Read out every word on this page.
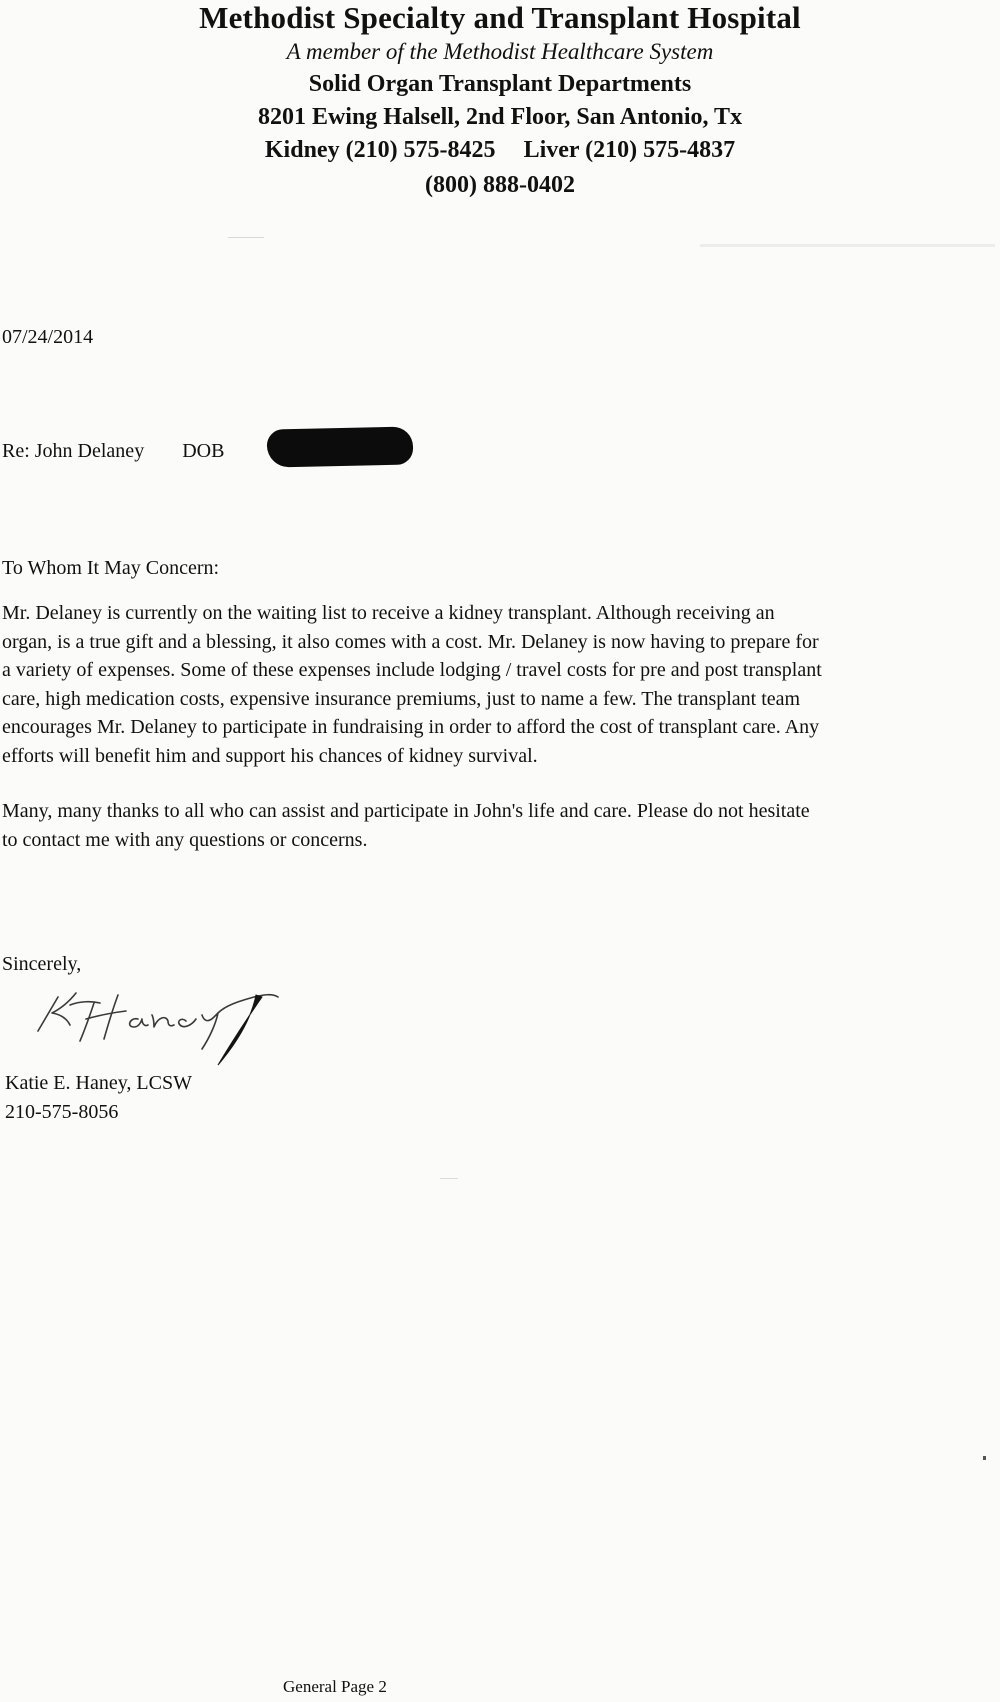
Methodist Specialty and Transplant Hospital
A member of the Methodist Healthcare System
Solid Organ Transplant Departments
8201 Ewing Halsell, 2nd Floor, San Antonio, Tx
Kidney (210) 575-8425 Liver (210) 575-4837
(800) 888-0402
07/24/2014
Re: John Delaney DOB
To Whom It May Concern:
Mr. Delaney is currently on the waiting list to receive a kidney transplant. Although receiving an
organ, is a true gift and a blessing, it also comes with a cost. Mr. Delaney is now having to prepare for
a variety of expenses. Some of these expenses include lodging / travel costs for pre and post transplant
care, high medication costs, expensive insurance premiums, just to name a few. The transplant team
encourages Mr. Delaney to participate in fundraising in order to afford the cost of transplant care. Any
efforts will benefit him and support his chances of kidney survival.
Many, many thanks to all who can assist and participate in John's life and care. Please do not hesitate
to contact me with any questions or concerns.
Sincerely,
Katie E. Haney, LCSW
210-575-8056
General Page 2
